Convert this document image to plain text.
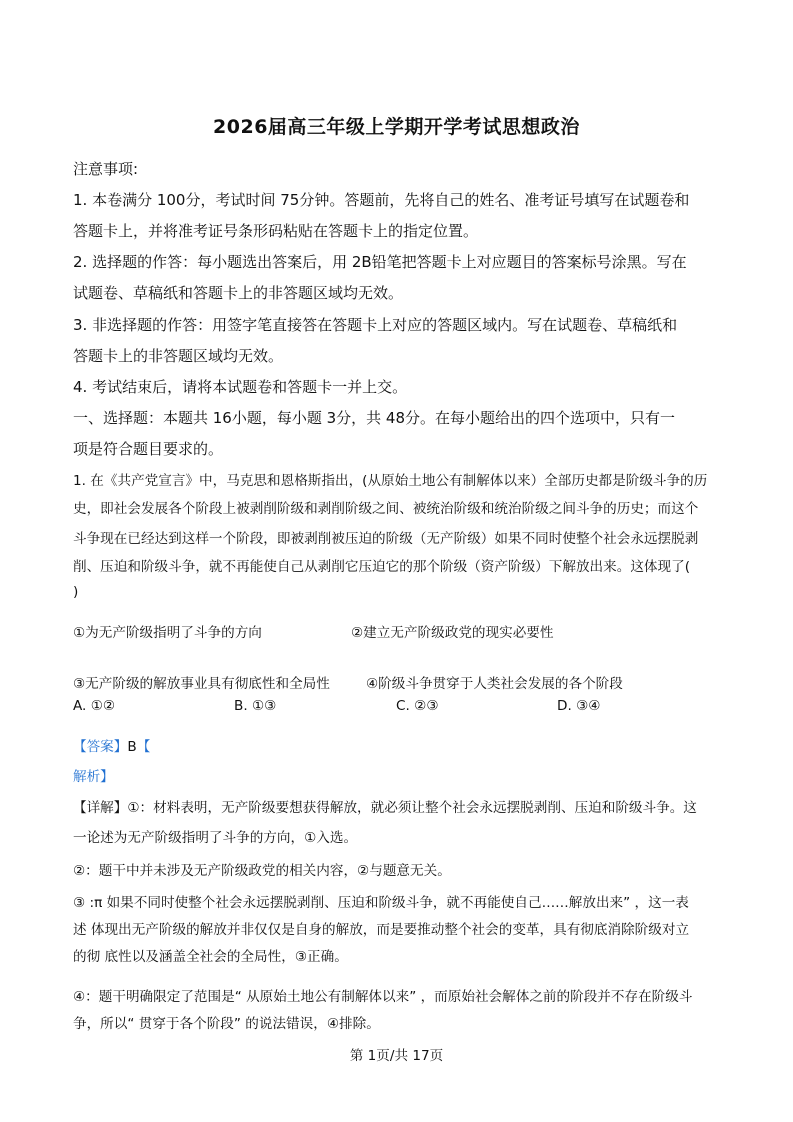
2026届高三年级上学期开学考试思想政治
注意事项:
1. 本卷满分 100分，考试时间 75分钟。答题前，先将自己的姓名、准考证号填写在试题卷和
答题卡上，并将准考证号条形码粘贴在答题卡上的指定位置。
2. 选择题的作答：每小题选出答案后，用 2B铅笔把答题卡上对应题目的答案标号涂黑。写在
试题卷、草稿纸和答题卡上的非答题区域均无效。
3. 非选择题的作答：用签字笔直接答在答题卡上对应的答题区域内。写在试题卷、草稿纸和
答题卡上的非答题区域均无效。
4. 考试结束后，请将本试题卷和答题卡一并上交。
一、选择题：本题共 16小题，每小题 3分，共 48分。在每小题给出的四个选项中，只有一
项是符合题目要求的。
1. 在《共产党宣言》中，马克思和恩格斯指出，(从原始土地公有制解体以来）全部历史都是阶级斗争的历
史，即社会发展各个阶段上被剥削阶级和剥削阶级之间、被统治阶级和统治阶级之间斗争的历史；而这个
斗争现在已经达到这样一个阶段，即被剥削被压迫的阶级（无产阶级）如果不同时使整个社会永远摆脱剥
削、压迫和阶级斗争，就不再能使自己从剥削它压迫它的那个阶级（资产阶级）下解放出来。这体现了(
)
①为无产阶级指明了斗争的方向	②建立无产阶级政党的现实必要性
③无产阶级的解放事业具有彻底性和全局性	④阶级斗争贯穿于人类社会发展的各个阶段
A. ①②	B. ①③	C. ②③	D. ③④
【答案】B【
解析】
【详解】①：材料表明，无产阶级要想获得解放，就必须让整个社会永远摆脱剥削、压迫和阶级斗争。这
一论述为无产阶级指明了斗争的方向，①入选。
②：题干中并未涉及无产阶级政党的相关内容，②与题意无关。
③ :π 如果不同时使整个社会永远摆脱剥削、压迫和阶级斗争，就不再能使自己……解放出来” ，这一表
述 体现出无产阶级的解放并非仅仅是自身的解放，而是要推动整个社会的变革，具有彻底消除阶级对立
的彻 底性以及涵盖全社会的全局性，③正确。
④：题干明确限定了范围是“ 从原始土地公有制解体以来” ，而原始社会解体之前的阶段并不存在阶级斗
争，所以“ 贯穿于各个阶段” 的说法错误，④排除。
第 1页/共 17页
